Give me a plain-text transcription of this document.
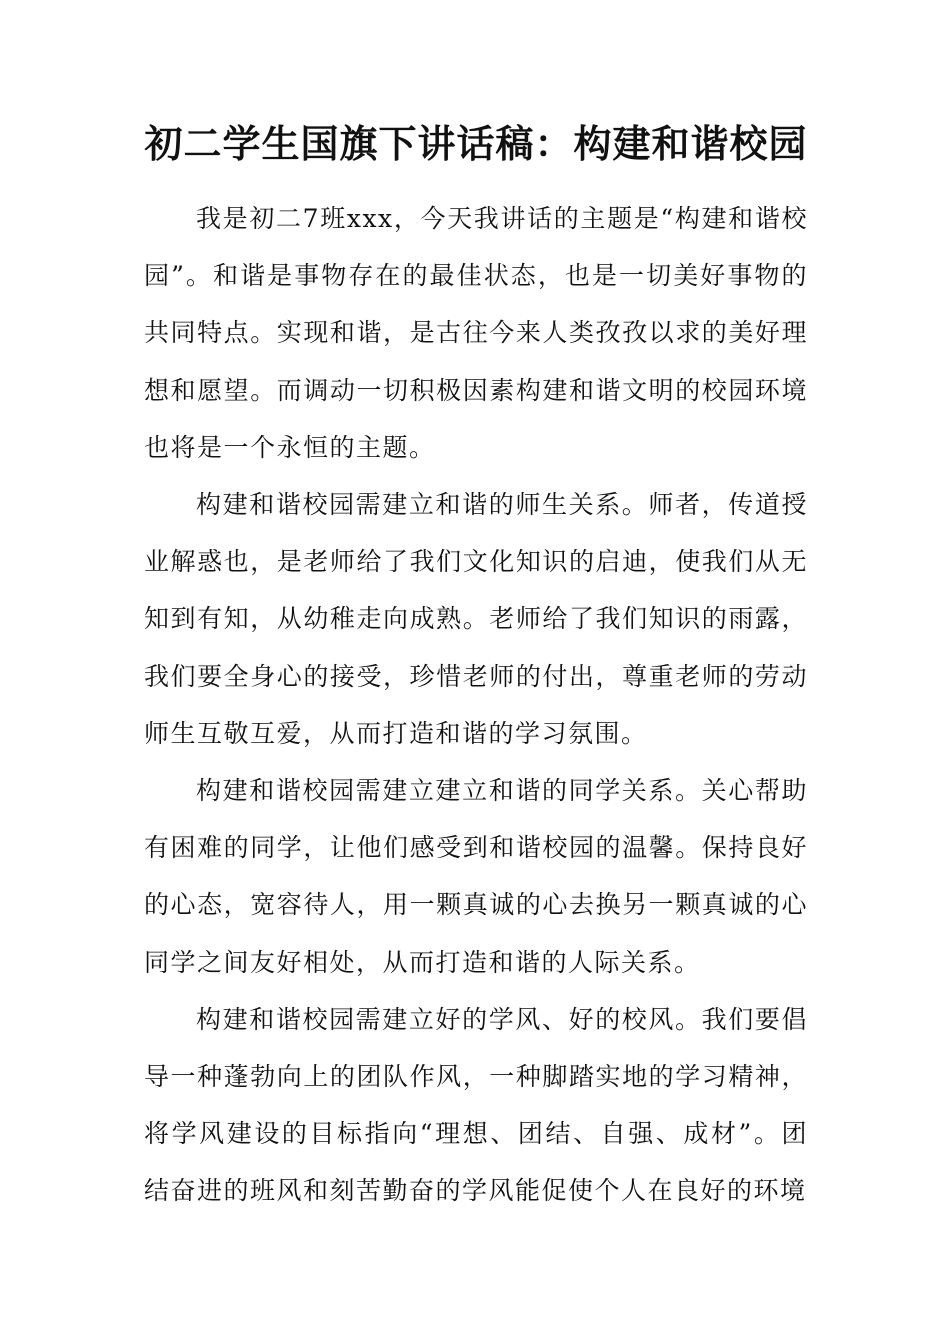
初二学生国旗下讲话稿：构建和谐校园

我是初二7班xxx，今天我讲话的主题是“构建和谐校园”。和谐是事物存在的最佳状态，也是一切美好事物的共同特点。实现和谐，是古往今来人类孜孜以求的美好理想和愿望。而调动一切积极因素构建和谐文明的校园环境也将是一个永恒的主题。

构建和谐校园需建立和谐的师生关系。师者，传道授业解惑也，是老师给了我们文化知识的启迪，使我们从无知到有知，从幼稚走向成熟。老师给了我们知识的雨露，我们要全身心的接受，珍惜老师的付出，尊重老师的劳动师生互敬互爱，从而打造和谐的学习氛围。

构建和谐校园需建立建立和谐的同学关系。关心帮助有困难的同学，让他们感受到和谐校园的温馨。保持良好的心态，宽容待人，用一颗真诚的心去换另一颗真诚的心同学之间友好相处，从而打造和谐的人际关系。

构建和谐校园需建立好的学风、好的校风。我们要倡导一种蓬勃向上的团队作风，一种脚踏实地的学习精神，将学风建设的目标指向“理想、团结、自强、成材”。团结奋进的班风和刻苦勤奋的学风能促使个人在良好的环境
